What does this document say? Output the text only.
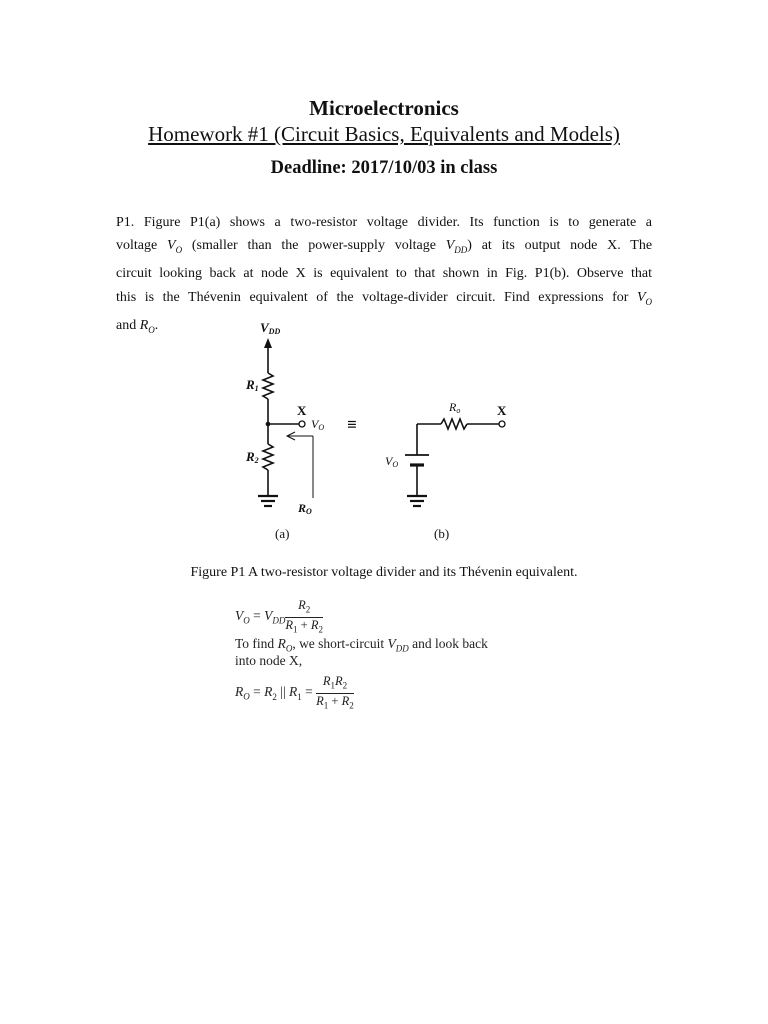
Microelectronics
Homework #1 (Circuit Basics, Equivalents and Models)
Deadline: 2017/10/03 in class
P1. Figure P1(a) shows a two-resistor voltage divider. Its function is to generate a
voltage $V_O$ (smaller than the power-supply voltage $V_{DD}$) at its output node X. The
circuit looking back at node X is equivalent to that shown in Fig. P1(b). Observe that
this is the Thévenin equivalent of the voltage-divider circuit. Find expressions for $V_O$
and $R_O$.	VDD
R1
R2
X
VO
RO
≡
Ro	X
VO
(a)	(b)
Figure P1 A two-resistor voltage divider and its Thévenin equivalent.
$V_O = V_{DD} \frac{R_2}{R_1 + R_2}$
To find $R_O$, we short-circuit $V_{DD}$ and look back
into node X,
$R_O = R_2$ || $R_1 = \frac{R_1R_2}{R_1 + R_2}$
